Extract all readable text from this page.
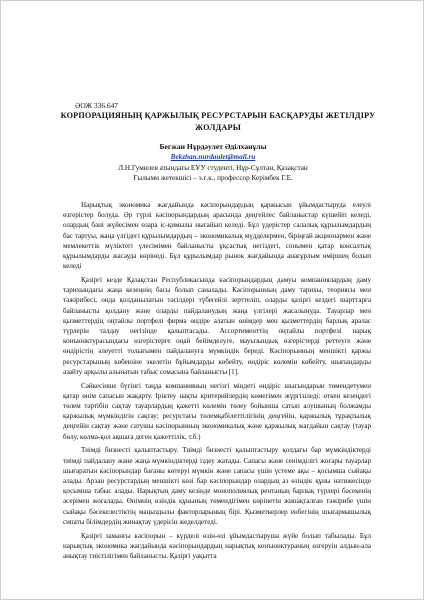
ӘОЖ 336.647
КОРПОРАЦИЯНЫҢ ҚАРЖЫЛЫҚ РЕСУРСТАРЫН БАСҚАРУДЫ ЖЕТІЛДІРУ ЖОЛДАРЫ
Бегжан Нұрдәулет Әділханұлы
Bekzhan.nurdaulet@mail.ru
Л.Н.Гумилев атындағы ЕҰУ студенті, Нұр-Сұлтан, Қазақстан
Ғылыми жетекшісі – э.ғ.к., профессор Керімбек Г.Е.

Нарықтық экономика жағдайында кәсіпорындардың қаржысын ұйымдастыруда елеулі өзгерістер болуда. Әр түрлі кәсіпорындардың арасында деңгейлес байланыстар күшейіп келеді, олардың бәні жүйесімен өзара іс-қимылы нығайып келеді. Бұл үдерістер салалық құрылымдардың бас тартуы, жаңа үлгідегі құрылымдардың – экономикалық мүдделермен, біріңғай акционармен және мемлекеттік мүліктегі үлесімімен байланысты ұқсастық негіздегі, сонымен қатар консалтық құрылымдарды жасауда көрінеді. Бұл құрылымдар рынок жағдайында анағұрлым өміршең болып келеді

Қазіргі кезде Қазақстан Республикасында кәсіпорындардың дамуы компаниялардың даму тарихындағы жаңа кезеңнің басы болып саналады. Кәсіпорынның даму тарихы, теориясы мен тәжірибесі, онда қолданылатын тәсілдері түбегейлі зерттеліп, оларды қазіргі кездегі шарттарға байланысты қолдану және оларды пайдаланудың жаңа үлгілері жасалынуда. Тауарлар мен қызметтердің оңтайлы портфелі фирма өндіре алатын өнімдер мен қызметтердің барлық аралас түрлерін талдау негізінде қалыптасады. Ассортименттің оңтайлы портфелі нарық конъюнктурасындағы өзгерістерге оңай бейімделуге, мауызындық өзгерістерді реттеуге және өндірістің әлеуетті толығымен пайдалануға мүмкіндік береді. Кәсіпорынның меншікті қаржы ресурстарының көбеюіне экелетін бұйымдарды көбейту, өндіріс көлемін көбейту, шығындарды азайту арқылы алынатын табыс сомасына байланысты [1].

Сәйкесінше бүгінгі таңда компанияның негізгі міндеті өндіріс шығындарын төмендетумен қатар өнім сапасын жақарту. Іріктеу нақты критерийлердің көмегімен жүргізіледі: өткен кезеңдегі төлем тәртібін сақтау тауарлардың қажетті көлемін төлеу бойынша сатып алушының болжамды қаржылық мүмкіндігін сақтау; ресурстағы төлемқабілеттілігінің деңгейін, қаржылық тұрақтылық деңгейін сақтау және сатушы кәсіпорынның экономикалық және қаржылық жағдайын сақтау (тауар бөлу, көлма-қол ақшаға деген қажеттілік, т.б.)

Тиімді бизнесті қалыптастыру. Тиімді бизнесті қалыптастыру қолдағы бар мүмкіндіктерді тиімді пайдалану және жаңа мүмкіндіктерді іздеу жатады. Сапасы және сенімділігі жоғары тауарлар шығаратын кәсіпорындар бағаны көтеруі мүмкін және сапасы үшін үстеме ақы – қосымша сыйақы алады. Арзан ресурстардың меншікті көзі бар кәсіпорындар олардың аз өзіндік құны нәтижесінде қосымша табыс алады. Нарықтың даму кезінде монополиялық рентаның барлық түрлері бәсекенің әсерімен жоғалады. Өнімнің өзіндік құнының төмендігімен көрінетін жинақталған тәжірибе үшін сыйақы бәсекелестіктің маңыздылы факторларының бірі. Қызметкерлер енбегінің шығармашылық сипаты білімдердің жинақтау үдерісін жеделдетеді.

Қазіргі заманғы кәсіпорын – күрделі өзін-өзі ұйымдастыруша жүйе болып табылады. Бұл нарықтық экономика жағдайында кәсіпорындардың нарықтық конъюнктураның өзгеруін алдын-ала анықтау тиістілігімен байланысты. Қазіргі уақытта
